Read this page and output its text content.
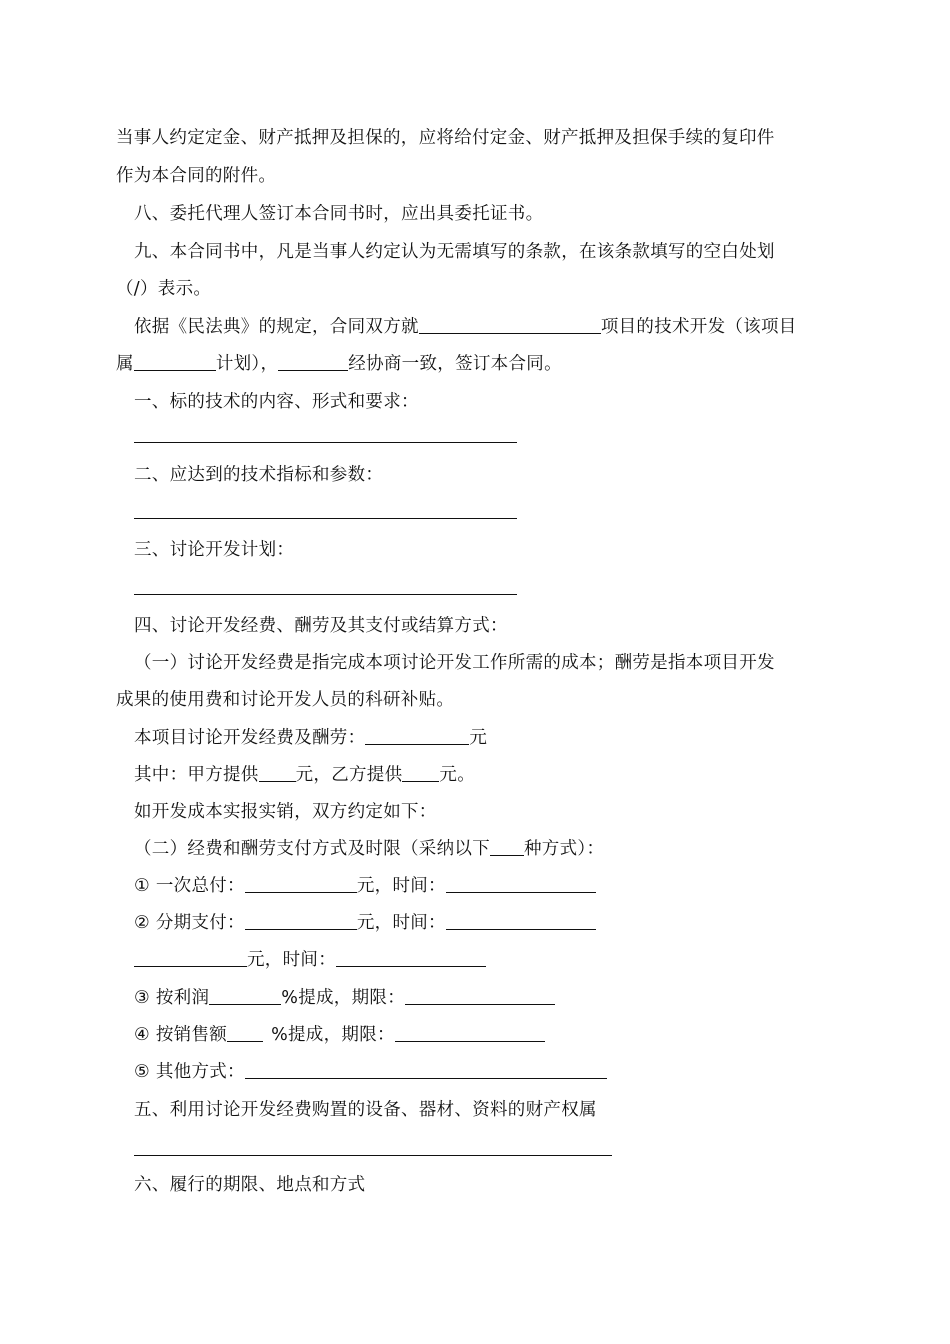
当事人约定定金、财产抵押及担保的，应将给付定金、财产抵押及担保手续的复印件
作为本合同的附件。
八、委托代理人签订本合同书时，应出具委托证书。
九、本合同书中，凡是当事人约定认为无需填写的条款，在该条款填写的空白处划
（/）表示。
依据《民法典》的规定，合同双方就	项目的技术开发（该项目
属	计划），	经协商一致，签订本合同。
一、标的技术的内容、形式和要求：
二、应达到的技术指标和参数：
三、讨论开发计划：
四、讨论开发经费、酬劳及其支付或结算方式：
（一）讨论开发经费是指完成本项讨论开发工作所需的成本；酬劳是指本项目开发
成果的使用费和讨论开发人员的科研补贴。
本项目讨论开发经费及酬劳：	元
其中：甲方提供 元，乙方提供 元。
如开发成本实报实销，双方约定如下：
（二）经费和酬劳支付方式及时限（采纳以下 种方式）：
① 一次总付：	元，时间：
② 分期支付：	元，时间：
元，时间：
③ 按利润	%提成，期限：
④ 按销售额	%提成，期限：
⑤ 其他方式：
五、利用讨论开发经费购置的设备、器材、资料的财产权属
六、履行的期限、地点和方式
